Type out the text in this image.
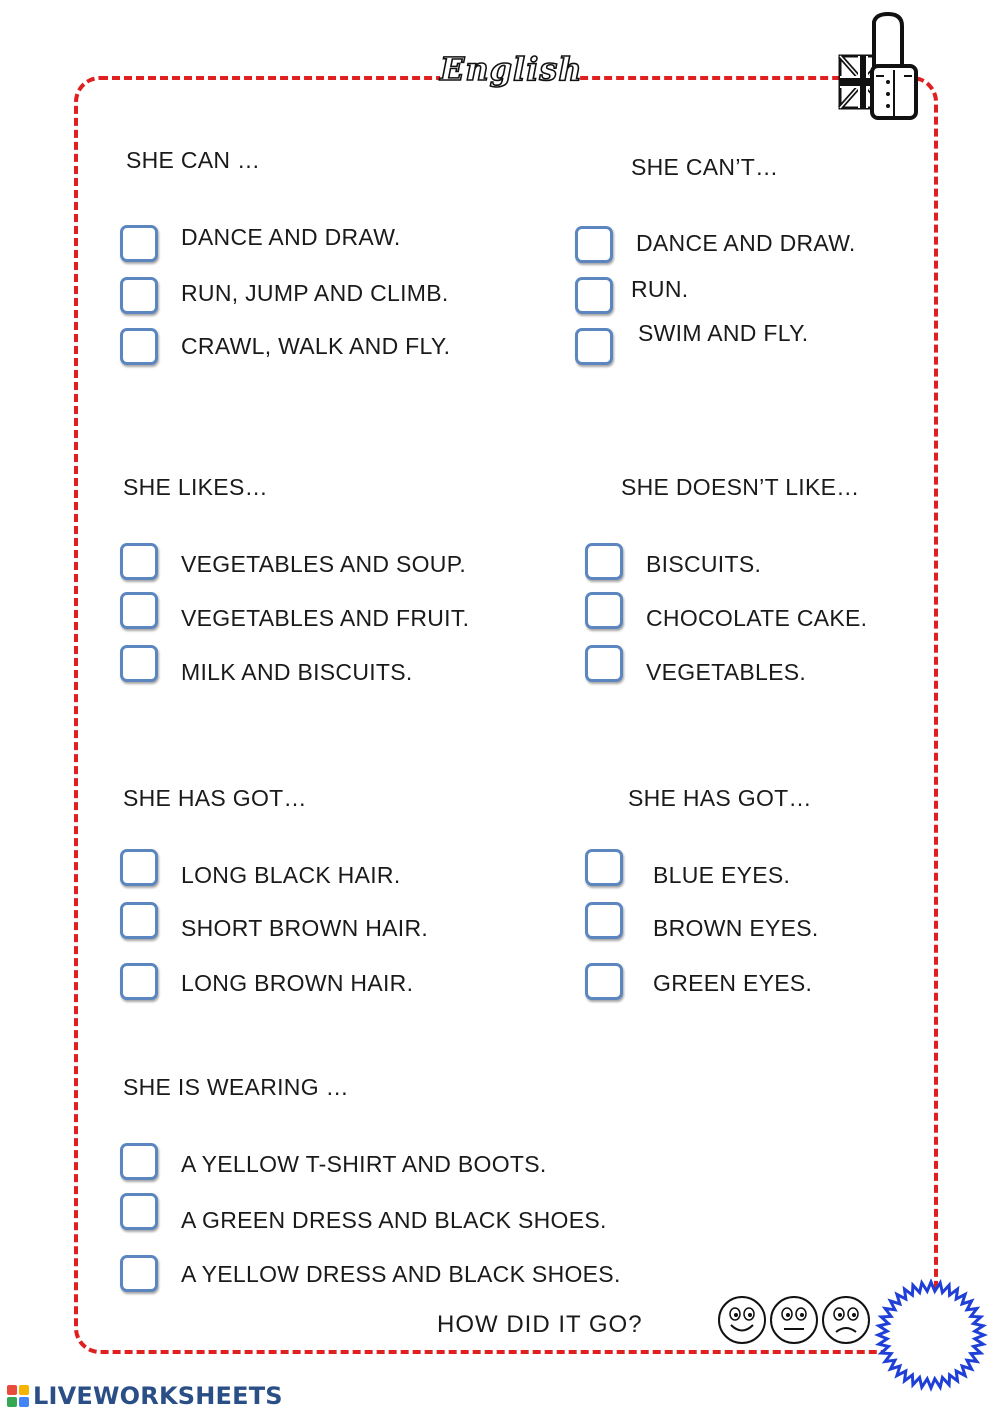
English
SHE CAN …
DANCE AND DRAW.
RUN, JUMP AND CLIMB.
CRAWL, WALK AND FLY.
SHE CAN’T…
DANCE AND DRAW.
RUN.
SWIM AND FLY.
SHE LIKES…
VEGETABLES AND SOUP.
VEGETABLES AND FRUIT.
MILK AND BISCUITS.
SHE DOESN’T LIKE…
BISCUITS.
CHOCOLATE CAKE.
VEGETABLES.
SHE HAS GOT…
LONG BLACK HAIR.
SHORT BROWN HAIR.
LONG BROWN HAIR.
SHE HAS GOT…
BLUE EYES.
BROWN EYES.
GREEN EYES.
SHE IS WEARING …
A YELLOW T-SHIRT AND BOOTS.
A GREEN DRESS AND BLACK SHOES.
A YELLOW DRESS AND BLACK SHOES.
HOW DID IT GO?
LIVEWORKSHEETS
